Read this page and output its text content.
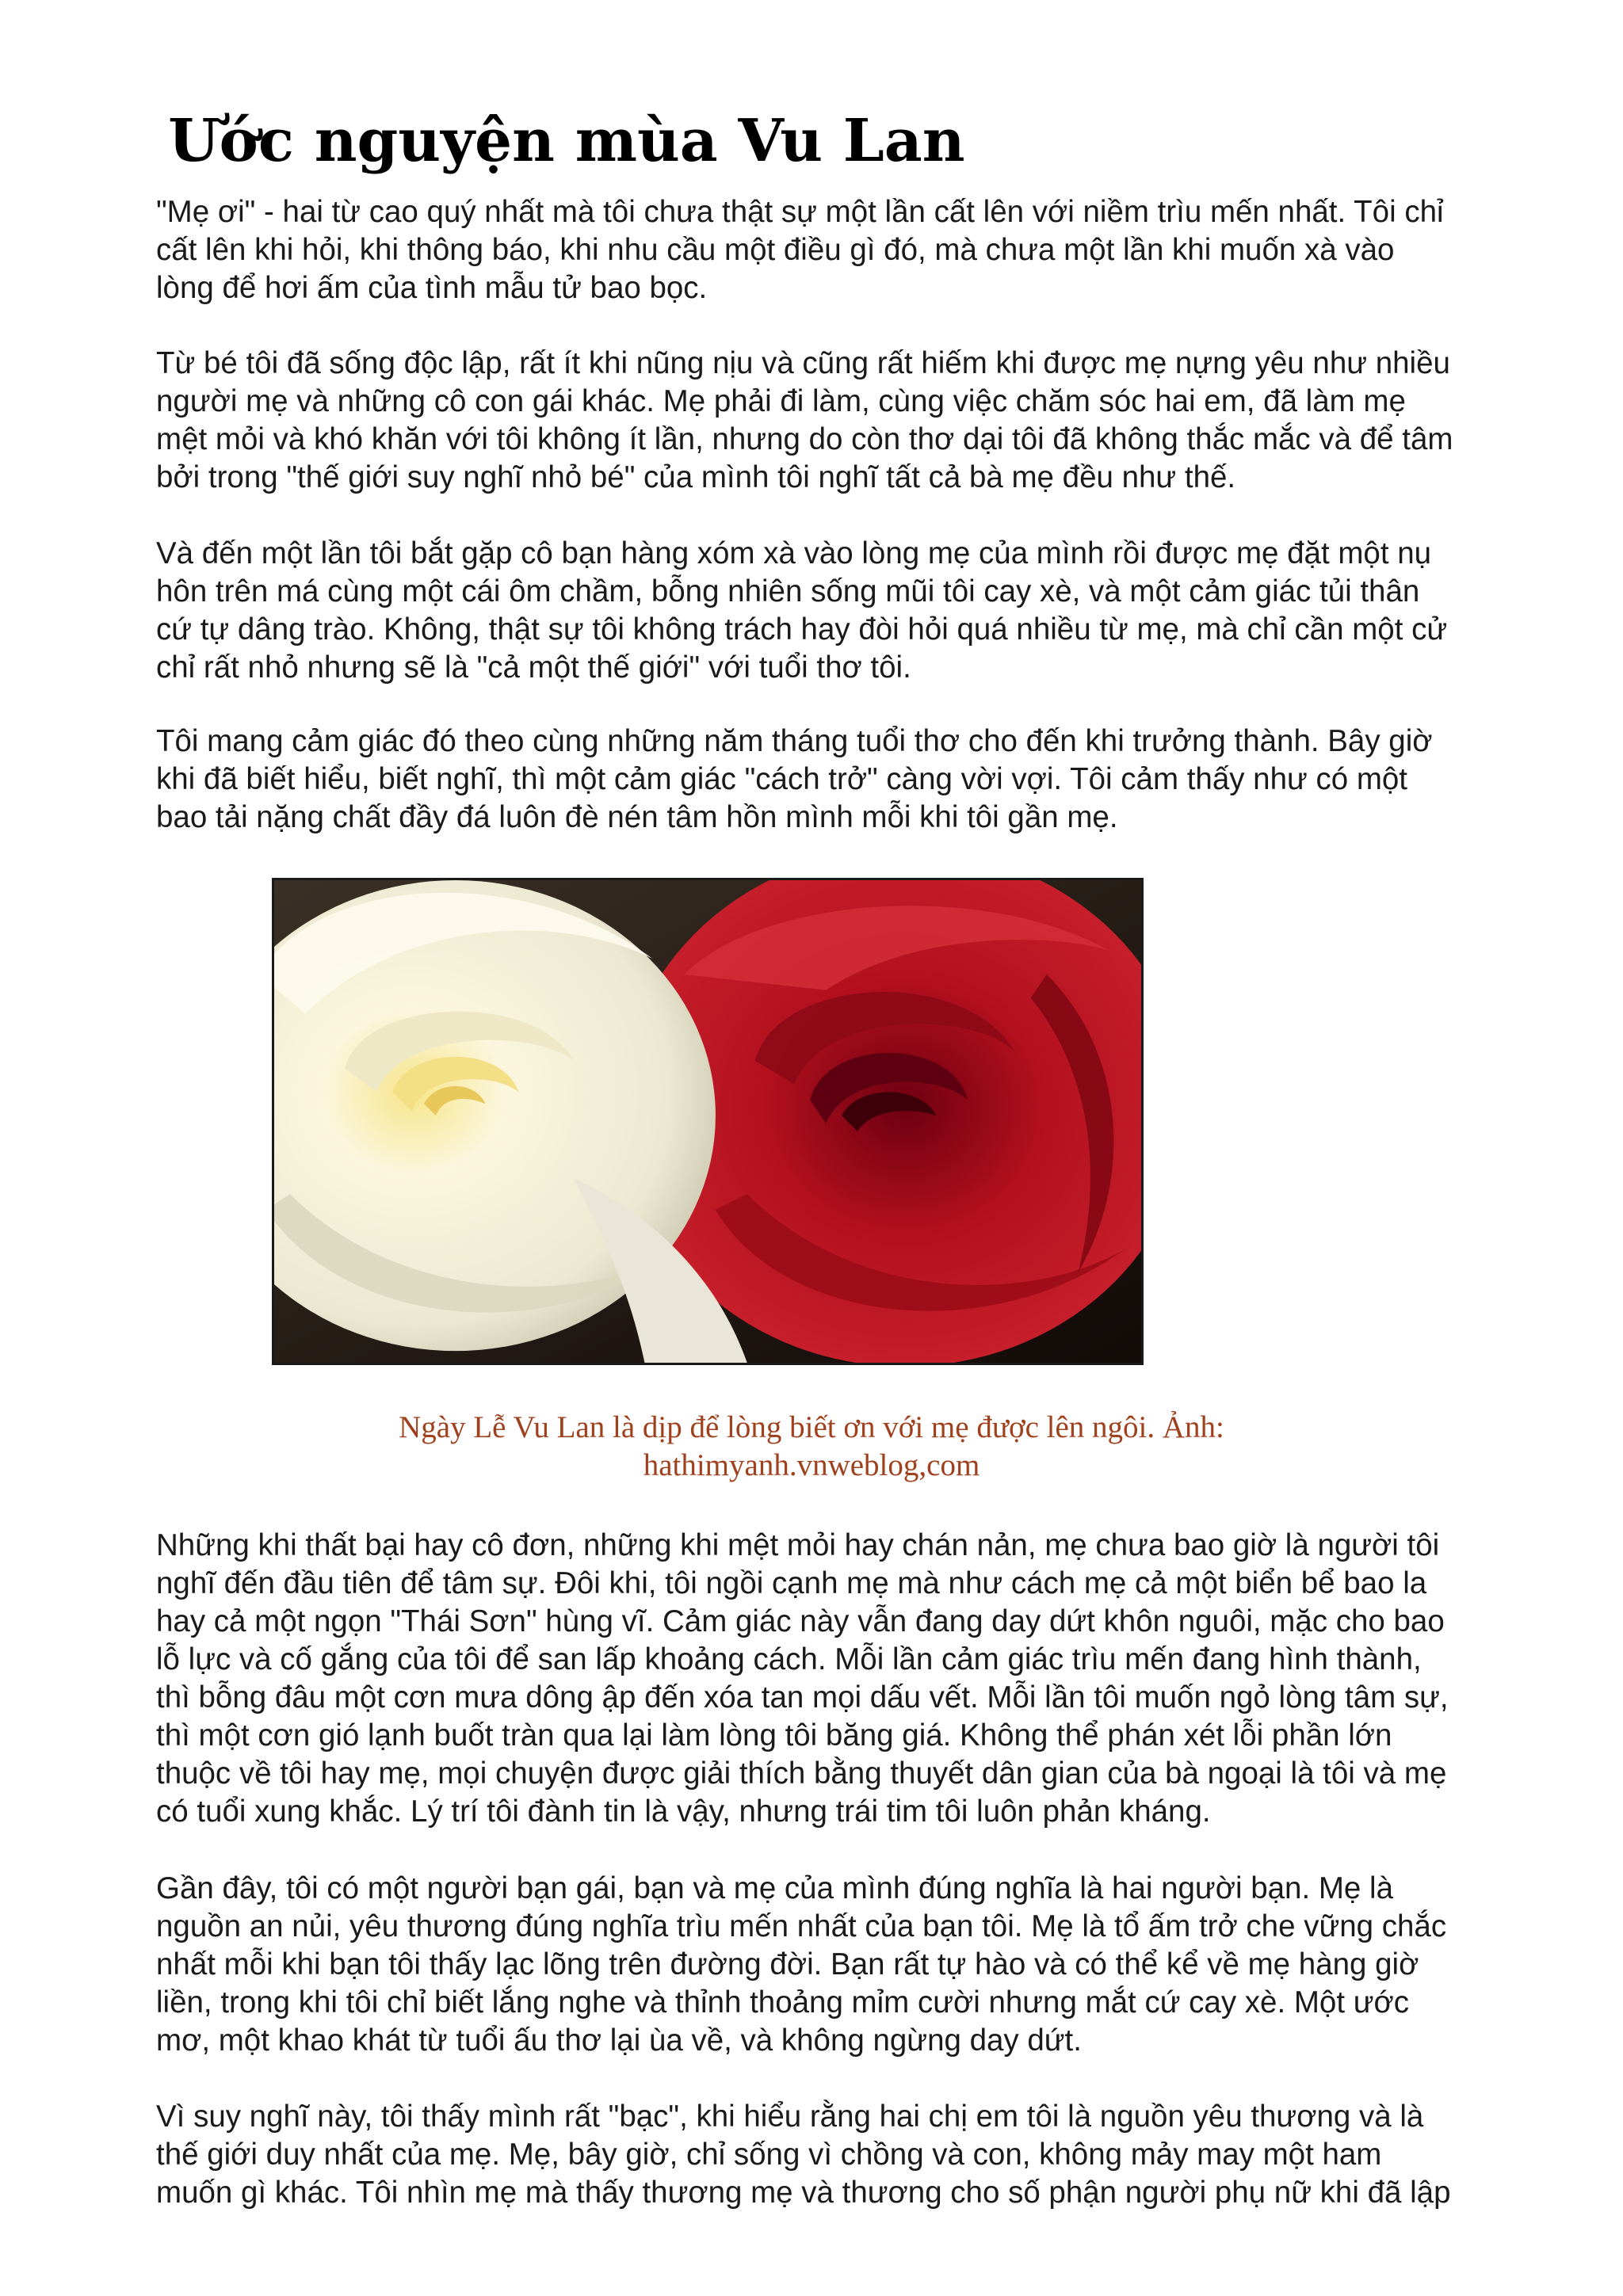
Ước nguyện mùa Vu Lan

"Mẹ ơi" - hai từ cao quý nhất mà tôi chưa thật sự một lần cất lên với niềm trìu mến nhất. Tôi chỉ
cất lên khi hỏi, khi thông báo, khi nhu cầu một điều gì đó, mà chưa một lần khi muốn xà vào
lòng để hơi ấm của tình mẫu tử bao bọc.

Từ bé tôi đã sống độc lập, rất ít khi nũng nịu và cũng rất hiếm khi được mẹ nựng yêu như nhiều
người mẹ và những cô con gái khác. Mẹ phải đi làm, cùng việc chăm sóc hai em, đã làm mẹ
mệt mỏi và khó khăn với tôi không ít lần, nhưng do còn thơ dại tôi đã không thắc mắc và để tâm
bởi trong "thế giới suy nghĩ nhỏ bé" của mình tôi nghĩ tất cả bà mẹ đều như thế.

Và đến một lần tôi bắt gặp cô bạn hàng xóm xà vào lòng mẹ của mình rồi được mẹ đặt một nụ
hôn trên má cùng một cái ôm chầm, bỗng nhiên sống mũi tôi cay xè, và một cảm giác tủi thân
cứ tự dâng trào. Không, thật sự tôi không trách hay đòi hỏi quá nhiều từ mẹ, mà chỉ cần một cử
chỉ rất nhỏ nhưng sẽ là "cả một thế giới" với tuổi thơ tôi.

Tôi mang cảm giác đó theo cùng những năm tháng tuổi thơ cho đến khi trưởng thành. Bây giờ
khi đã biết hiểu, biết nghĩ, thì một cảm giác "cách trở" càng vời vợi. Tôi cảm thấy như có một
bao tải nặng chất đầy đá luôn đè nén tâm hồn mình mỗi khi tôi gần mẹ.

Ngày Lễ Vu Lan là dịp để lòng biết ơn với mẹ được lên ngôi. Ảnh:
hathimyanh.vnweblog,com

Những khi thất bại hay cô đơn, những khi mệt mỏi hay chán nản, mẹ chưa bao giờ là người tôi
nghĩ đến đầu tiên để tâm sự. Đôi khi, tôi ngồi cạnh mẹ mà như cách mẹ cả một biển bể bao la
hay cả một ngọn "Thái Sơn" hùng vĩ. Cảm giác này vẫn đang day dứt khôn nguôi, mặc cho bao
lỗ lực và cố gắng của tôi để san lấp khoảng cách. Mỗi lần cảm giác trìu mến đang hình thành,
thì bỗng đâu một cơn mưa dông ập đến xóa tan mọi dấu vết. Mỗi lần tôi muốn ngỏ lòng tâm sự,
thì một cơn gió lạnh buốt tràn qua lại làm lòng tôi băng giá. Không thể phán xét lỗi phần lớn
thuộc về tôi hay mẹ, mọi chuyện được giải thích bằng thuyết dân gian của bà ngoại là tôi và mẹ
có tuổi xung khắc. Lý trí tôi đành tin là vậy, nhưng trái tim tôi luôn phản kháng.

Gần đây, tôi có một người bạn gái, bạn và mẹ của mình đúng nghĩa là hai người bạn. Mẹ là
nguồn an nủi, yêu thương đúng nghĩa trìu mến nhất của bạn tôi. Mẹ là tổ ấm trở che vững chắc
nhất mỗi khi bạn tôi thấy lạc lõng trên đường đời. Bạn rất tự hào và có thể kể về mẹ hàng giờ
liền, trong khi tôi chỉ biết lắng nghe và thỉnh thoảng mỉm cười nhưng mắt cứ cay xè. Một ước
mơ, một khao khát từ tuổi ấu thơ lại ùa về, và không ngừng day dứt.

Vì suy nghĩ này, tôi thấy mình rất "bạc", khi hiểu rằng hai chị em tôi là nguồn yêu thương và là
thế giới duy nhất của mẹ. Mẹ, bây giờ, chỉ sống vì chồng và con, không mảy may một ham
muốn gì khác. Tôi nhìn mẹ mà thấy thương mẹ và thương cho số phận người phụ nữ khi đã lập
